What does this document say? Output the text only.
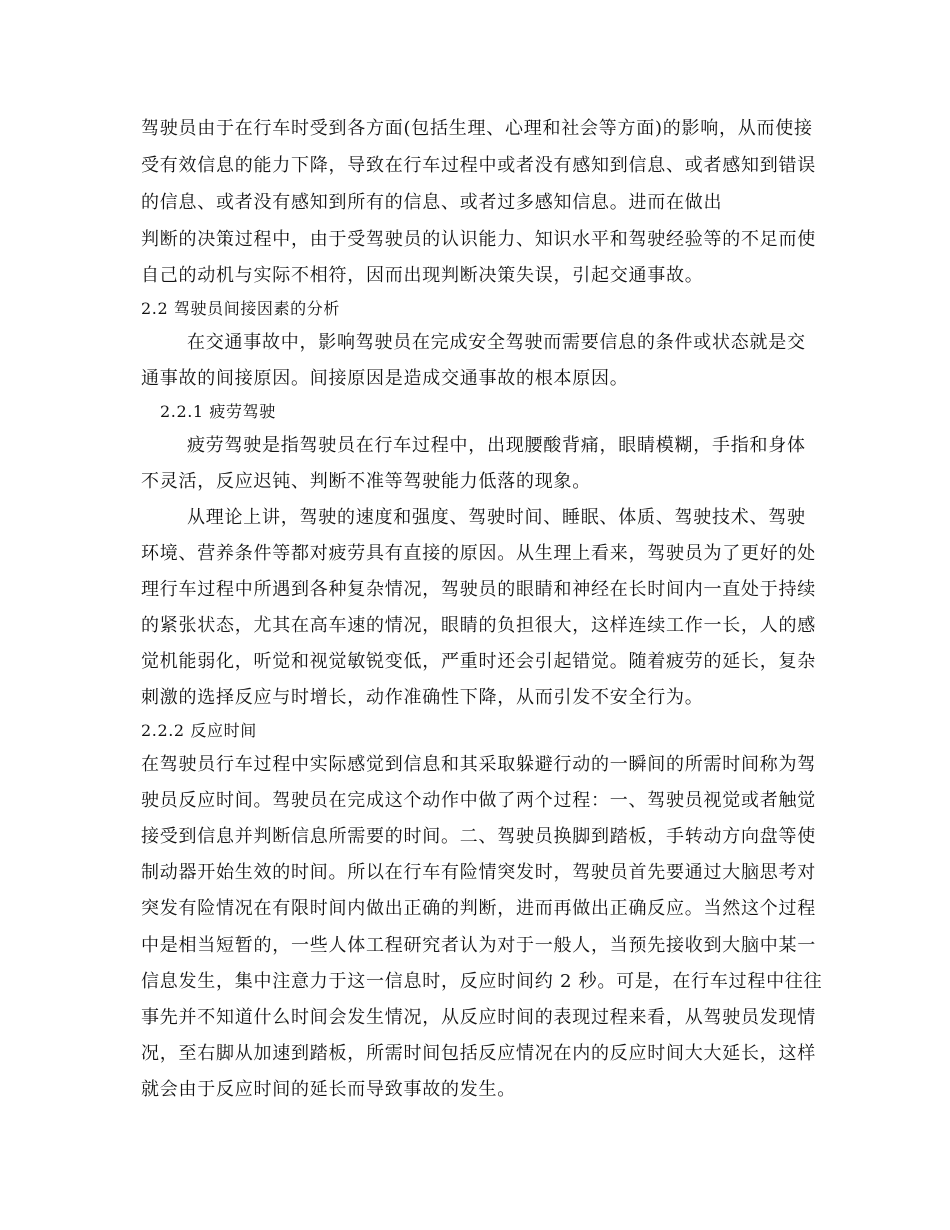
驾驶员由于在行车时受到各方面(包括生理、心理和社会等方面)的影响，从而使接
受有效信息的能力下降，导致在行车过程中或者没有感知到信息、或者感知到错误
的信息、或者没有感知到所有的信息、或者过多感知信息。进而在做出
判断的决策过程中，由于受驾驶员的认识能力、知识水平和驾驶经验等的不足而使
自己的动机与实际不相符，因而出现判断决策失误，引起交通事故。
2.2 驾驶员间接因素的分析
在交通事故中，影响驾驶员在完成安全驾驶而需要信息的条件或状态就是交
通事故的间接原因。间接原因是造成交通事故的根本原因。
2.2.1 疲劳驾驶
疲劳驾驶是指驾驶员在行车过程中，出现腰酸背痛，眼睛模糊，手指和身体
不灵活，反应迟钝、判断不准等驾驶能力低落的现象。
从理论上讲，驾驶的速度和强度、驾驶时间、睡眠、体质、驾驶技术、驾驶
环境、营养条件等都对疲劳具有直接的原因。从生理上看来，驾驶员为了更好的处
理行车过程中所遇到各种复杂情况，驾驶员的眼睛和神经在长时间内一直处于持续
的紧张状态，尤其在高车速的情况，眼睛的负担很大，这样连续工作一长，人的感
觉机能弱化，听觉和视觉敏锐变低，严重时还会引起错觉。随着疲劳的延长，复杂
刺激的选择反应与时增长，动作准确性下降，从而引发不安全行为。
2.2.2 反应时间
在驾驶员行车过程中实际感觉到信息和其采取躲避行动的一瞬间的所需时间称为驾
驶员反应时间。驾驶员在完成这个动作中做了两个过程：一、驾驶员视觉或者触觉
接受到信息并判断信息所需要的时间。二、驾驶员换脚到踏板，手转动方向盘等使
制动器开始生效的时间。所以在行车有险情突发时，驾驶员首先要通过大脑思考对
突发有险情况在有限时间内做出正确的判断，进而再做出正确反应。当然这个过程
中是相当短暂的，一些人体工程研究者认为对于一般人，当预先接收到大脑中某一
信息发生，集中注意力于这一信息时，反应时间约 2 秒。可是，在行车过程中往往
事先并不知道什么时间会发生情况，从反应时间的表现过程来看，从驾驶员发现情
况，至右脚从加速到踏板，所需时间包括反应情况在内的反应时间大大延长，这样
就会由于反应时间的延长而导致事故的发生。
